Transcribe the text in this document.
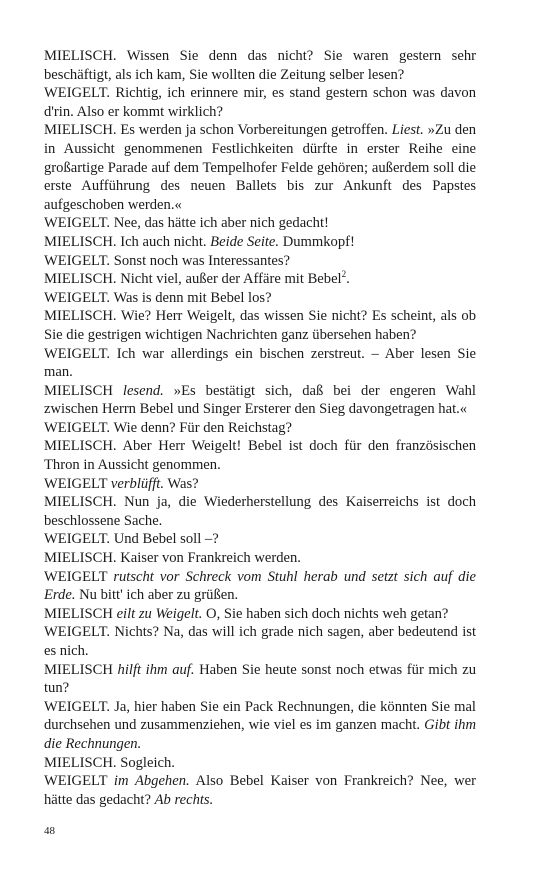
MIELISCH. Wissen Sie denn das nicht? Sie waren gestern sehr beschäftigt, als ich kam, Sie wollten die Zeitung selber lesen?

WEIGELT. Richtig, ich erinnere mir, es stand gestern schon was davon d'rin. Also er kommt wirklich?

MIELISCH. Es werden ja schon Vorbereitungen getroffen. Liest. »Zu den in Aussicht genommenen Festlichkeiten dürfte in erster Reihe eine großartige Parade auf dem Tempelhofer Felde gehören; außerdem soll die erste Aufführung des neuen Ballets bis zur Ankunft des Papstes aufgeschoben werden.«

WEIGELT. Nee, das hätte ich aber nich gedacht!

MIELISCH. Ich auch nicht. Beide Seite. Dummkopf!

WEIGELT. Sonst noch was Interessantes?

MIELISCH. Nicht viel, außer der Affäre mit Bebel$^2$.

WEIGELT. Was is denn mit Bebel los?

MIELISCH. Wie? Herr Weigelt, das wissen Sie nicht? Es scheint, als ob Sie die gestrigen wichtigen Nachrichten ganz übersehen haben?

WEIGELT. Ich war allerdings ein bischen zerstreut. – Aber lesen Sie man.

MIELISCH lesend. »Es bestätigt sich, daß bei der engeren Wahl zwischen Herrn Bebel und Singer Ersterer den Sieg davongetragen hat.«

WEIGELT. Wie denn? Für den Reichstag?

MIELISCH. Aber Herr Weigelt! Bebel ist doch für den französischen Thron in Aussicht genommen.

WEIGELT verblüfft. Was?

MIELISCH. Nun ja, die Wiederherstellung des Kaiserreichs ist doch beschlossene Sache.

WEIGELT. Und Bebel soll –?

MIELISCH. Kaiser von Frankreich werden.

WEIGELT rutscht vor Schreck vom Stuhl herab und setzt sich auf die Erde. Nu bitt' ich aber zu grüßen.

MIELISCH eilt zu Weigelt. O, Sie haben sich doch nichts weh getan?

WEIGELT. Nichts? Na, das will ich grade nich sagen, aber bedeutend ist es nich.

MIELISCH hilft ihm auf. Haben Sie heute sonst noch etwas für mich zu tun?

WEIGELT. Ja, hier haben Sie ein Pack Rechnungen, die könnten Sie mal durchsehen und zusammenziehen, wie viel es im ganzen macht. Gibt ihm die Rechnungen.

MIELISCH. Sogleich.

WEIGELT im Abgehen. Also Bebel Kaiser von Frankreich? Nee, wer hätte das gedacht? Ab rechts.

48
